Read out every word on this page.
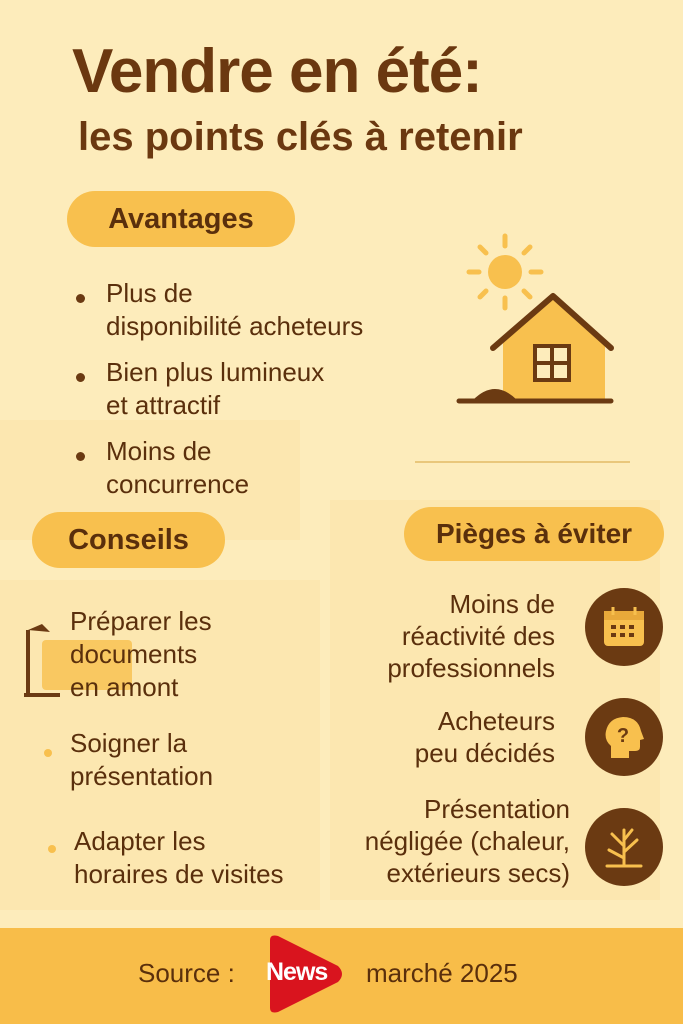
Vendre en été:
les points clés à retenir
Avantages
Plus de
disponibilité acheteurs
Bien plus lumineux
et attractif
Moins de
concurrence
Conseils
Préparer les
documents
en amont
Soigner la
présentation
Adapter les
horaires de visites
Pièges à éviter
Moins de
réactivité des
professionnels
Acheteurs
peu décidés
?
Présentation
négligée (chaleur,
extérieurs secs)
Source : News marché 2025
